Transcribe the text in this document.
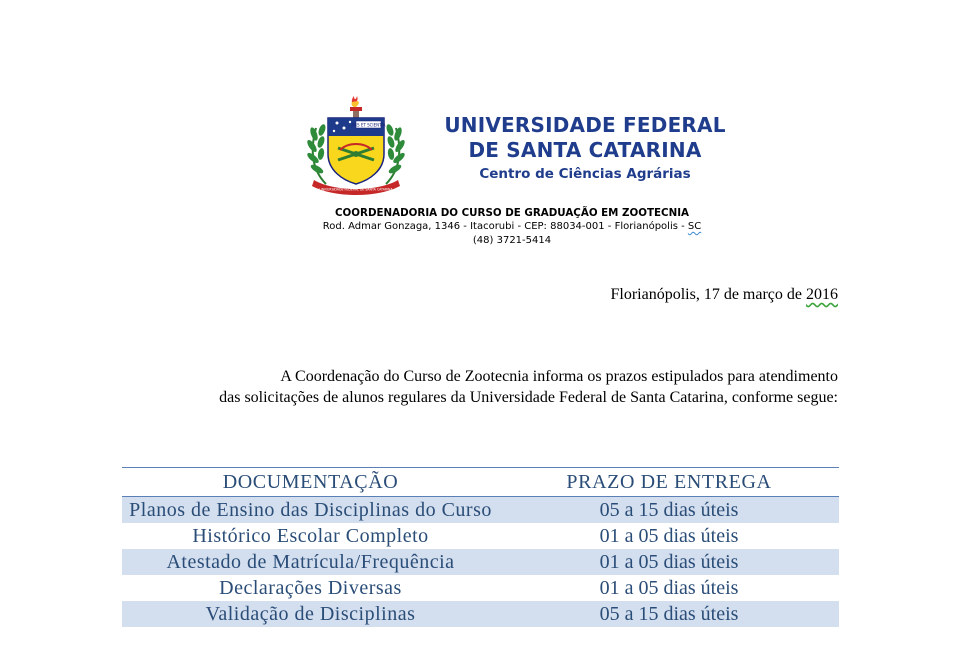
ARS ET SCIENTIA
UNIVERSIDADE FEDERAL DE SANTA CATARINA
UNIVERSIDADE FEDERAL
DE SANTA CATARINA
Centro de Ciências Agrárias
COORDENADORIA DO CURSO DE GRADUAÇÃO EM ZOOTECNIA
Rod. Admar Gonzaga, 1346 - Itacorubi - CEP: 88034-001 - Florianópolis - SC
(48) 3721-5414
Florianópolis, 17 de março de 2016
A Coordenação do Curso de Zootecnia informa os prazos estipulados para atendimento
das solicitações de alunos regulares da Universidade Federal de Santa Catarina, conforme segue:
DOCUMENTAÇÃO	PRAZO DE ENTREGA
Planos de Ensino das Disciplinas do Curso	05 a 15 dias úteis
Histórico Escolar Completo	01 a 05 dias úteis
Atestado de Matrícula/Frequência	01 a 05 dias úteis
Declarações Diversas	01 a 05 dias úteis
Validação de Disciplinas	05 a 15 dias úteis
